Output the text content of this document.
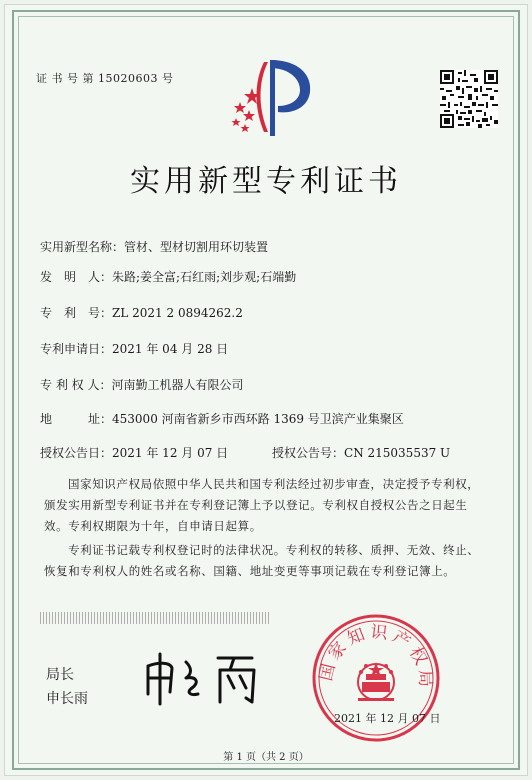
证 书 号 第 15020603 号
实用新型专利证书
实用新型名称：管材、型材切割用环切装置
发　明　人：朱路;姜全富;石红雨;刘步观;石端勤
专　利　号：ZL 2021 2 0894262.2
专利申请日：2021 年 04 月 28 日
专 利 权 人：河南勤工机器人有限公司
地　　　址：453000 河南省新乡市西环路 1369 号卫滨产业集聚区
授权公告日：2021 年 12 月 07 日	授权公告号：CN 215035537 U
国家知识产权局依照中华人民共和国专利法经过初步审查，决定授予专利权，颁发实用新型专利证书并在专利登记簿上予以登记。专利权自授权公告之日起生效。专利权期限为十年，自申请日起算。
专利证书记载专利权登记时的法律状况。专利权的转移、质押、无效、终止、恢复和专利权人的姓名或名称、国籍、地址变更等事项记载在专利登记簿上。
局长
申长雨
国家知识产权局
2021 年 12 月 07 日
第 1 页（共 2 页）
